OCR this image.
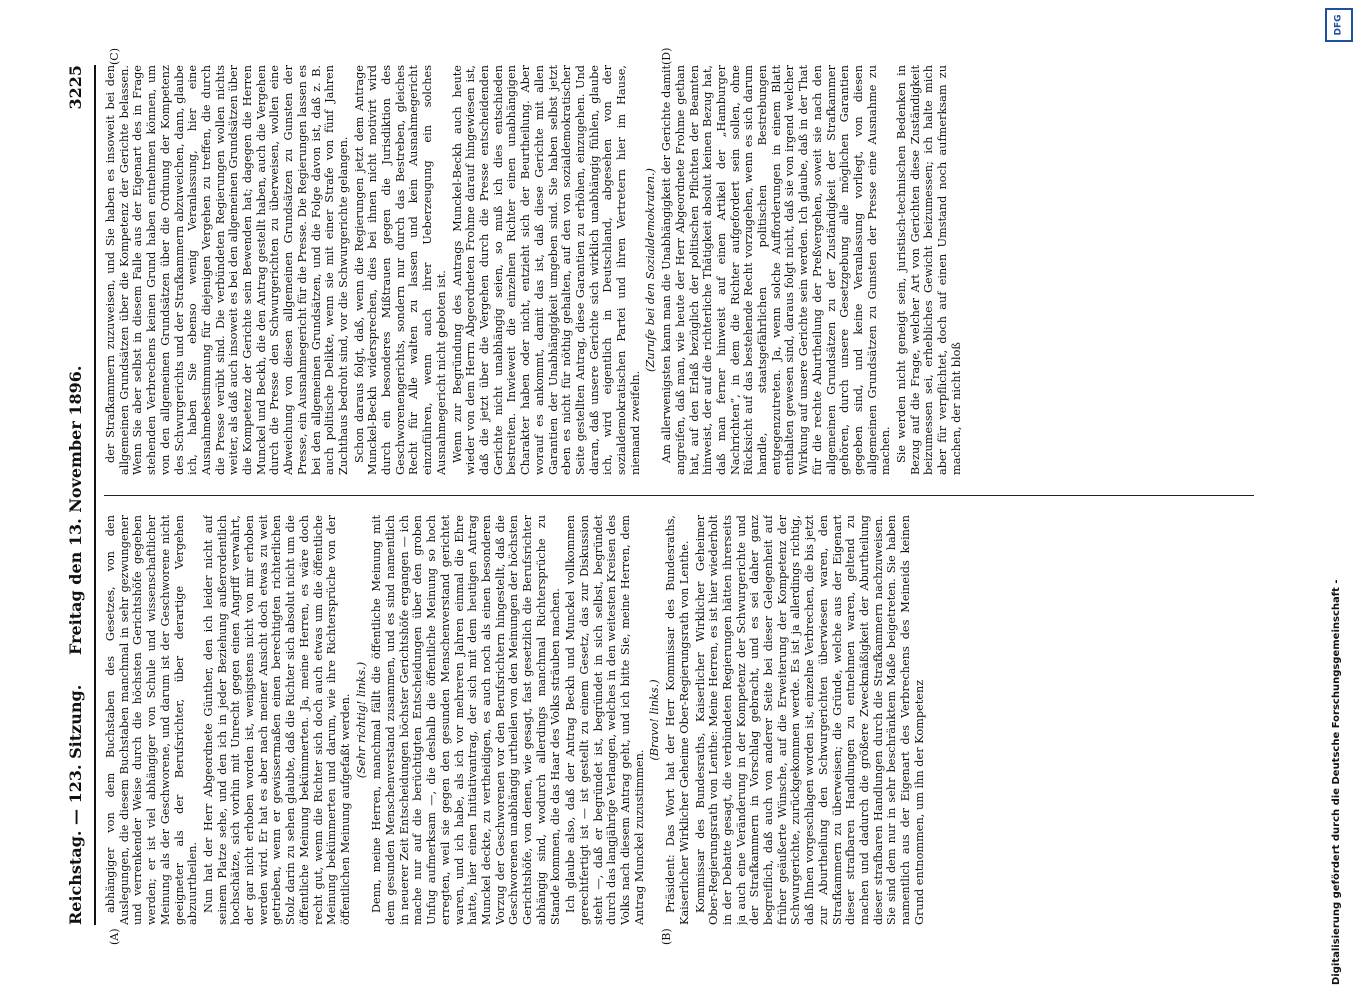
Reichstag. — 123. Sitzung.
Freitag den 13. November 1896.
3225
(A)	(B)
(C)	(D)

abhängiger von dem Buchstaben des Gesetzes, von den Auslegungen, die diesem Buchstaben manchmal in sehr gezwungener und verrenkender Weise durch die höchsten Gerichtshöfe gegeben werden; er ist viel abhängiger von Schule und wissenschaftlicher Meinung als der Geschworene, und darum ist der Geschworene nicht geeigneter als der Berufsrichter, über derartige Vergehen abzuurtheilen. Nun hat der Herr Abgeordnete Günther, den ich leider nicht auf seinem Platze sehe, und den ich in jeder Beziehung außerordentlich hochschätze, sich vorhin mit Unrecht gegen einen Angriff verwahrt, der gar nicht erhoben worden ist, wenigstens nicht von mir erhoben werden wird. Er hat es aber nach meiner Ansicht doch etwas zu weit getrieben, wenn er gewissermaßen einen berechtigten richterlichen Stolz darin zu sehen glaubte, daß die Richter sich absolut nicht um die öffentliche Meinung bekümmerten. Ja, meine Herren, es wäre doch recht gut, wenn die Richter sich doch auch etwas um die öffentliche Meinung bekümmerten und darum, wie ihre Richtersprüche von der öffentlichen Meinung aufgefaßt werden. (Sehr richtig! links.) Denn, meine Herren, manchmal fällt die öffentliche Meinung mit dem gesunden Menschenverstand zusammen, und es sind namentlich in neuerer Zeit Entscheidungen höchster Gerichtshöfe ergangen — ich mache nur auf die berüchtigten Entscheidungen über den groben Unfug aufmerksam —, die deshalb die öffentliche Meinung so hoch erregten, weil sie gegen den gesunden Menschenverstand gerichtet waren, und ich habe, als ich vor mehreren Jahren einmal die Ehre hatte, hier einen Initiativantrag, der sich mit dem heutigen Antrag Munckel deckte, zu vertheidigen, es auch noch als einen besonderen Vorzug der Geschworenen vor den Berufsrichtern hingestellt, daß die Geschworenen unabhängig urtheilen von den Meinungen der höchsten Gerichtshöfe, von denen, wie gesagt, fast gesetzlich die Berufsrichter abhängig sind, wodurch allerdings manchmal Richtersprüche zu Stande kommen, die das Haar des Volks sträuben machen. Ich glaube also, daß der Antrag Beckh und Munckel vollkommen gerechtfertigt ist — ist gestellt zu einem Gesetz, das zur Diskussion steht —, daß er begründet ist, begründet in sich selbst, begründet durch das langjährige Verlangen, welches in den weitesten Kreisen des Volks nach diesem Antrag geht, und ich bitte Sie, meine Herren, dem Antrag Munckel zuzustimmen.

(Bravo! links.) Präsident: Das Wort hat der Herr Kommissar des Bundesraths, Kaiserlicher Wirklicher Geheime Ober-Regierungsrath von Lenthe. Kommissar des Bundesraths, Kaiserlicher Wirklicher Geheimer Ober-Regierungsrath von Lenthe: Meine Herren, es ist hier wiederholt in der Debatte gesagt, die verbündeten Regierungen hätten ihrerseits ja auch eine Veränderung in der Kompetenz der Schwurgerichte und der Strafkammern in Vorschlag gebracht, und es sei daher ganz begreiflich, daß auch von anderer Seite bei dieser Gelegenheit auf früher geäußerte Wünsche, auf die Erweiterung der Kompetenz der Schwurgerichte, zurückgekommen werde. Es ist ja allerdings richtig, daß Ihnen vorgeschlagen worden ist, einzelne Verbrechen, die bis jetzt zur Aburtheilung den Schwurgerichten überwiesen waren, den Strafkammern zu überweisen; die Gründe, welche aus der Eigenart dieser strafbaren Handlungen zu entnehmen waren, geltend zu machen und dadurch die größere Zweckmäßigkeit der Aburtheilung dieser strafbaren Handlungen durch die Strafkammern nachzuweisen. Sie sind dem nur in sehr beschränktem Maße beigetreten. Sie haben namentlich aus der Eigenart des Verbrechens des Meineids keinen Grund entnommen, um ihn der Kompetenz

der Strafkammern zuzuweisen, und Sie haben es insoweit bei den allgemeinen Grundsätzen über die Kompetenz der Gerichte belassen. Wenn Sie aber selbst in diesem Falle aus der Eigenart des in Frage stehenden Verbrechens keinen Grund haben entnehmen können, um von den allgemeinen Grundsätzen über die Ordnung der Kompetenz des Schwurgerichts und der Strafkammern abzuweichen, dann, glaube ich, haben Sie ebenso wenig Veranlassung, hier eine Ausnahmebestimmung für diejenigen Vergehen zu treffen, die durch die Presse verübt sind. Die verbündeten Regierungen wollen nichts weiter, als daß auch insoweit es bei den allgemeinen Grundsätzen über die Kompetenz der Gerichte sein Bewenden hat; dagegen die Herren Munckel und Beckh, die den Antrag gestellt haben, auch die Vergehen durch die Presse den Schwurgerichten zu überweisen, wollen eine Abweichung von diesen allgemeinen Grundsätzen zu Gunsten der Presse, ein Ausnahmegericht für die Presse. Die Regierungen lassen es bei den allgemeinen Grundsätzen, und die Folge davon ist, daß z. B. auch politische Delikte, wenn sie mit einer Strafe von fünf Jahren Zuchthaus bedroht sind, vor die Schwurgerichte gelangen. Schon daraus folgt, daß, wenn die Regierungen jetzt dem Antrage Munckel-Beckh widersprechen, dies bei ihnen nicht motivirt wird durch ein besonderes Mißtrauen gegen die Jurisdiktion des Geschworenengerichts, sondern nur durch das Bestreben, gleiches Recht für Alle walten zu lassen und kein Ausnahmegericht einzuführen, wenn auch ihrer Ueberzeugung ein solches Ausnahmegericht nicht geboten ist. Wenn zur Begründung des Antrags Munckel-Beckh auch heute wieder von dem Herrn Abgeordneten Frohme darauf hingewiesen ist, daß die jetzt über die Vergehen durch die Presse entscheidenden Gerichte nicht unabhängig seien, so muß ich dies entschieden bestreiten. Inwieweit die einzelnen Richter einen unabhängigen Charakter haben oder nicht, entzieht sich der Beurtheilung. Aber worauf es ankommt, damit das ist, daß diese Gerichte mit allen Garantien der Unabhängigkeit umgeben sind. Sie haben selbst jetzt eben es nicht für nöthig gehalten, auf den von sozialdemokratischer Seite gestellten Antrag, diese Garantien zu erhöhen, einzugehen. Und daran, daß unsere Gerichte sich wirklich unabhängig fühlen, glaube ich, wird eigentlich in Deutschland, abgesehen von der sozialdemokratischen Partei und ihren Vertretern hier im Hause, niemand zweifeln.

(Zurufe bei den Sozialdemokraten.) Am allerwenigsten kann man die Unabhängigkeit der Gerichte damit angreifen, daß man, wie heute der Herr Abgeordnete Frohme gethan hat, auf den Erlaß bezüglich der politischen Pflichten der Beamten hinweist, der auf die richterliche Thätigkeit absolut keinen Bezug hat, daß man ferner hinweist auf einen Artikel der „Hamburger Nachrichten“, in dem die Richter aufgefordert sein sollen, ohne Rücksicht auf das bestehende Recht vorzugehen, wenn es sich darum handle, staatsgefährlichen politischen Bestrebungen entgegenzutreten. Ja, wenn solche Aufforderungen in einem Blatt enthalten gewesen sind, daraus folgt nicht, daß sie von irgend welcher Wirkung auf unsere Gerichte sein werden. Ich glaube, daß in der That für die rechte Aburtheilung der Preßvergehen, soweit sie nach den allgemeinen Grundsätzen zu der Zuständigkeit der Strafkammer gehören, durch unsere Gesetzgebung alle möglichen Garantien gegeben sind, und keine Veranlassung vorliegt, von diesen allgemeinen Grundsätzen zu Gunsten der Presse eine Ausnahme zu machen. Sie werden nicht geneigt sein, juristisch-technischen Bedenken in Bezug auf die Frage, welcher Art von Gerichten diese Zuständigkeit beizumessen sei, erhebliches Gewicht beizumessen; ich halte mich aber für verpflichtet, doch auf einen Umstand noch aufmerksam zu machen, der nicht bloß

DFG
Digitalisierung gefördert durch die Deutsche Forschungsgemeinschaft -
